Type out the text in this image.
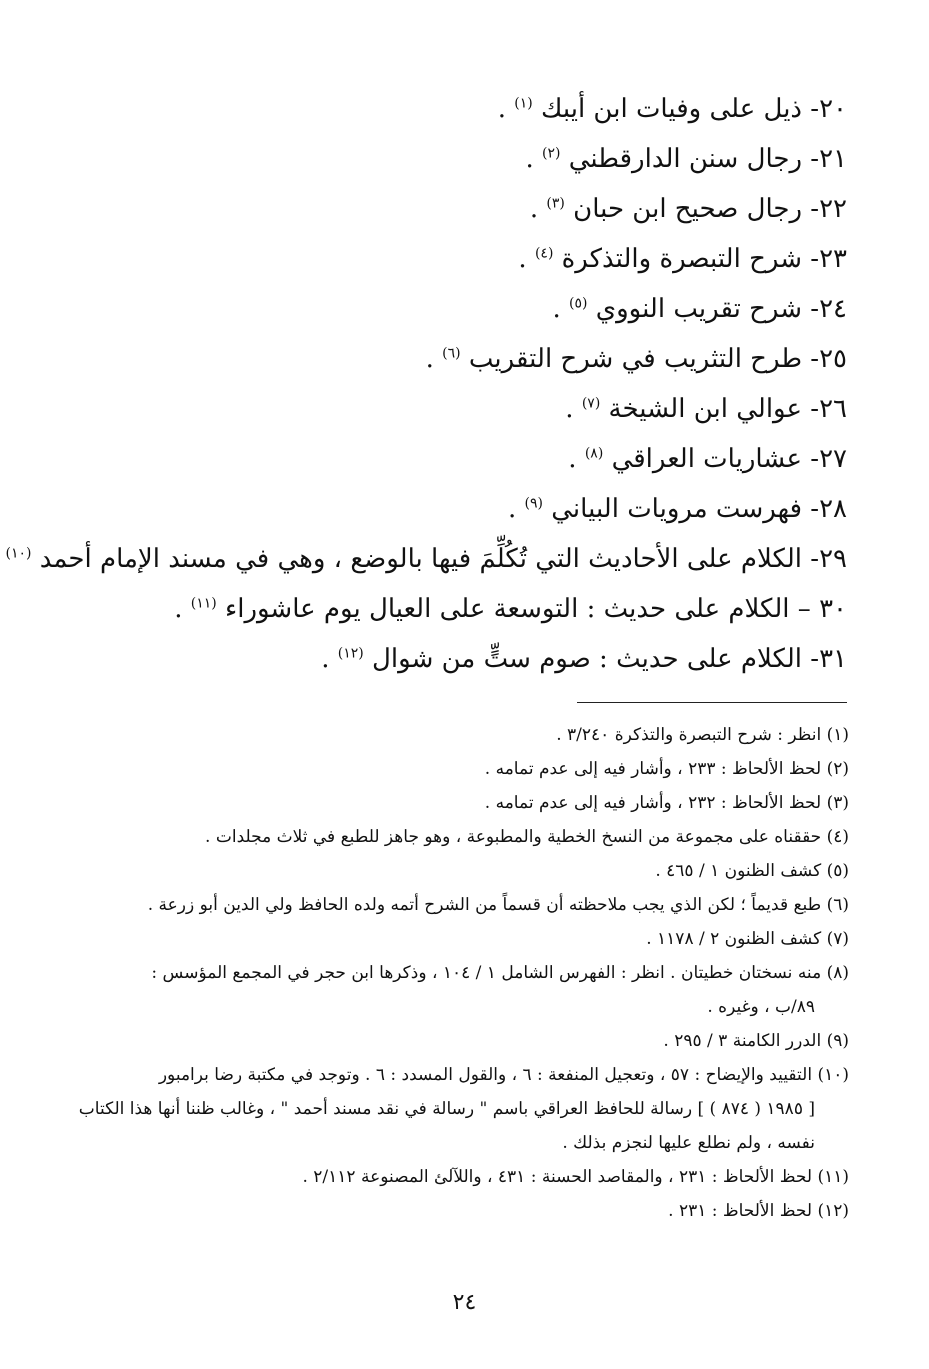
٢٠- ذيل على وفيات ابن أيبك $^{(١)}$ .
٢١- رجال سنن الدارقطني $^{(٢)}$ .
٢٢- رجال صحيح ابن حبان $^{(٣)}$ .
٢٣- شرح التبصرة والتذكرة $^{(٤)}$ .
٢٤- شرح تقريب النووي $^{(٥)}$ .
٢٥- طرح التثريب في شرح التقريب $^{(٦)}$ .
٢٦- عوالي ابن الشيخة $^{(٧)}$ .
٢٧- عشاريات العراقي $^{(٨)}$ .
٢٨- فهرست مرويات البياني $^{(٩)}$ .
٢٩- الكلام على الأحاديث التي تُكُلِّمَ فيها بالوضع ، وهي في مسند الإمام أحمد $^{(١٠)}$
٣٠ – الكلام على حديث : التوسعة على العيال يوم عاشوراء $^{(١١)}$ .
٣١- الكلام على حديث : صوم ستٍّ من شوال $^{(١٢)}$ .
(١) انظر : شرح التبصرة والتذكرة ٣/٢٤٠ .
(٢) لحظ الألحاظ : ٢٣٣ ، وأشار فيه إلى عدم تمامه .
(٣) لحظ الألحاظ : ٢٣٢ ، وأشار فيه إلى عدم تمامه .
(٤) حققناه على مجموعة من النسخ الخطية والمطبوعة ، وهو جاهز للطبع في ثلاث مجلدات .
(٥) كشف الظنون ١ / ٤٦٥ .
(٦) طبع قديماً ؛ لكن الذي يجب ملاحظته أن قسماً من الشرح أتمه ولده الحافظ ولي الدين أبو زرعة .
(٧) كشف الظنون ٢ / ١١٧٨ .
(٨) منه نسختان خطيتان . انظر : الفهرس الشامل ١ / ١٠٤ ، وذكرها ابن حجر في المجمع المؤسس :
٨٩/ب ، وغيره .
(٩) الدرر الكامنة ٣ / ٢٩٥ .
(١٠) التقييد والإيضاح : ٥٧ ، وتعجيل المنفعة : ٦ ، والقول المسدد : ٦ . وتوجد في مكتبة رضا برامبور
[ ١٩٨٥ ( ٨٧٤ ) ] رسالة للحافظ العراقي باسم " رسالة في نقد مسند أحمد " ، وغالب ظننا أنها هذا الكتاب نفسه ، ولم نطلع عليها لنجزم بذلك .
(١١) لحظ الألحاظ : ٢٣١ ، والمقاصد الحسنة : ٤٣١ ، واللآلئ المصنوعة ٢/١١٢ .
(١٢) لحظ الألحاظ : ٢٣١ .
٢٤
